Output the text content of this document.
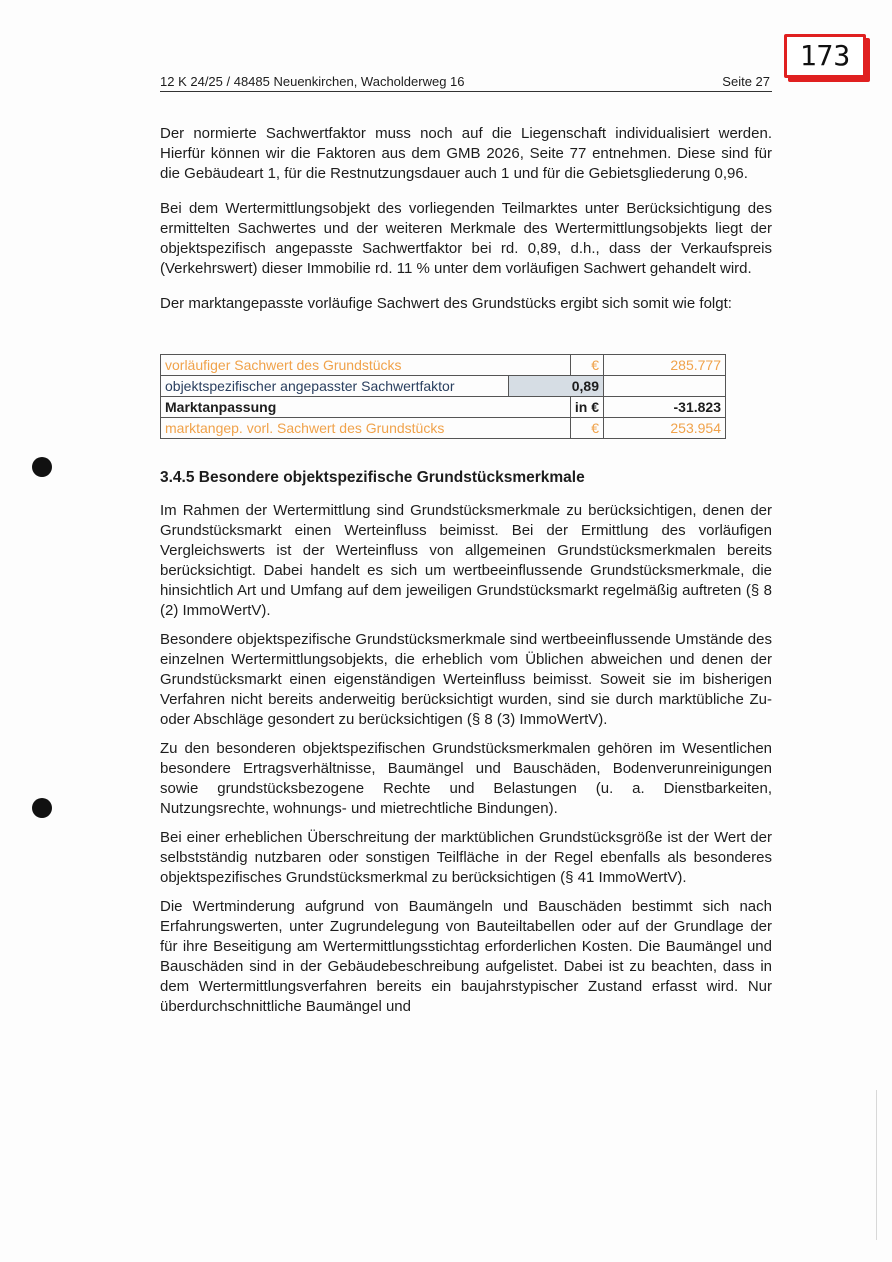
173
12 K 24/25 / 48485 Neuenkirchen, Wacholderweg 16	Seite 27

Der normierte Sachwertfaktor muss noch auf die Liegenschaft individualisiert werden. Hierfür können wir die Faktoren aus dem GMB 2026, Seite 77 entnehmen. Diese sind für die Gebäudeart 1, für die Restnutzungsdauer auch 1 und für die Gebietsgliederung 0,96.

Bei dem Wertermittlungsobjekt des vorliegenden Teilmarktes unter Berücksichtigung des ermittelten Sachwertes und der weiteren Merkmale des Wertermittlungsobjekts liegt der objektspezifisch angepasste Sachwertfaktor bei rd. 0,89, d.h., dass der Verkaufspreis (Verkehrswert) dieser Immobilie rd. 11 % unter dem vorläufigen Sachwert gehandelt wird.

Der marktangepasste vorläufige Sachwert des Grundstücks ergibt sich somit wie folgt:

vorläufiger Sachwert des Grundstücks		€	285.777
objektspezifischer angepasster Sachwertfaktor	0,89		
Marktanpassung		in €	-31.823
marktangep. vorl. Sachwert des Grundstücks		€	253.954
3.4.5 Besondere objektspezifische Grundstücksmerkmale

Im Rahmen der Wertermittlung sind Grundstücksmerkmale zu berücksichtigen, denen der Grundstücksmarkt einen Werteinfluss beimisst. Bei der Ermittlung des vorläufigen Vergleichswerts ist der Werteinfluss von allgemeinen Grundstücksmerkmalen bereits berücksichtigt. Dabei handelt es sich um wertbeeinflussende Grundstücksmerkmale, die hinsichtlich Art und Umfang auf dem jeweiligen Grundstücksmarkt regelmäßig auftreten (§ 8 (2) ImmoWertV).

Besondere objektspezifische Grundstücksmerkmale sind wertbeeinflussende Umstände des einzelnen Wertermittlungsobjekts, die erheblich vom Üblichen abweichen und denen der Grundstücksmarkt einen eigenständigen Werteinfluss beimisst. Soweit sie im bisherigen Verfahren nicht bereits anderweitig berücksichtigt wurden, sind sie durch marktübliche Zu- oder Abschläge gesondert zu berücksichtigen (§ 8 (3) ImmoWertV).

Zu den besonderen objektspezifischen Grundstücksmerkmalen gehören im Wesentlichen besondere Ertragsverhältnisse, Baumängel und Bauschäden, Bodenverunreinigungen sowie grundstücksbezogene Rechte und Belastungen (u. a. Dienstbarkeiten, Nutzungsrechte, wohnungs- und mietrechtliche Bindungen).

Bei einer erheblichen Überschreitung der marktüblichen Grundstücksgröße ist der Wert der selbstständig nutzbaren oder sonstigen Teilfläche in der Regel ebenfalls als besonderes objektspezifisches Grundstücksmerkmal zu berücksichtigen (§ 41 ImmoWertV).

Die Wertminderung aufgrund von Baumängeln und Bauschäden bestimmt sich nach Erfahrungswerten, unter Zugrundelegung von Bauteiltabellen oder auf der Grundlage der für ihre Beseitigung am Wertermittlungsstichtag erforderlichen Kosten. Die Baumängel und Bauschäden sind in der Gebäudebeschreibung aufgelistet. Dabei ist zu beachten, dass in dem Wertermittlungsverfahren bereits ein baujahrstypischer Zustand erfasst wird. Nur überdurchschnittliche Baumängel und
